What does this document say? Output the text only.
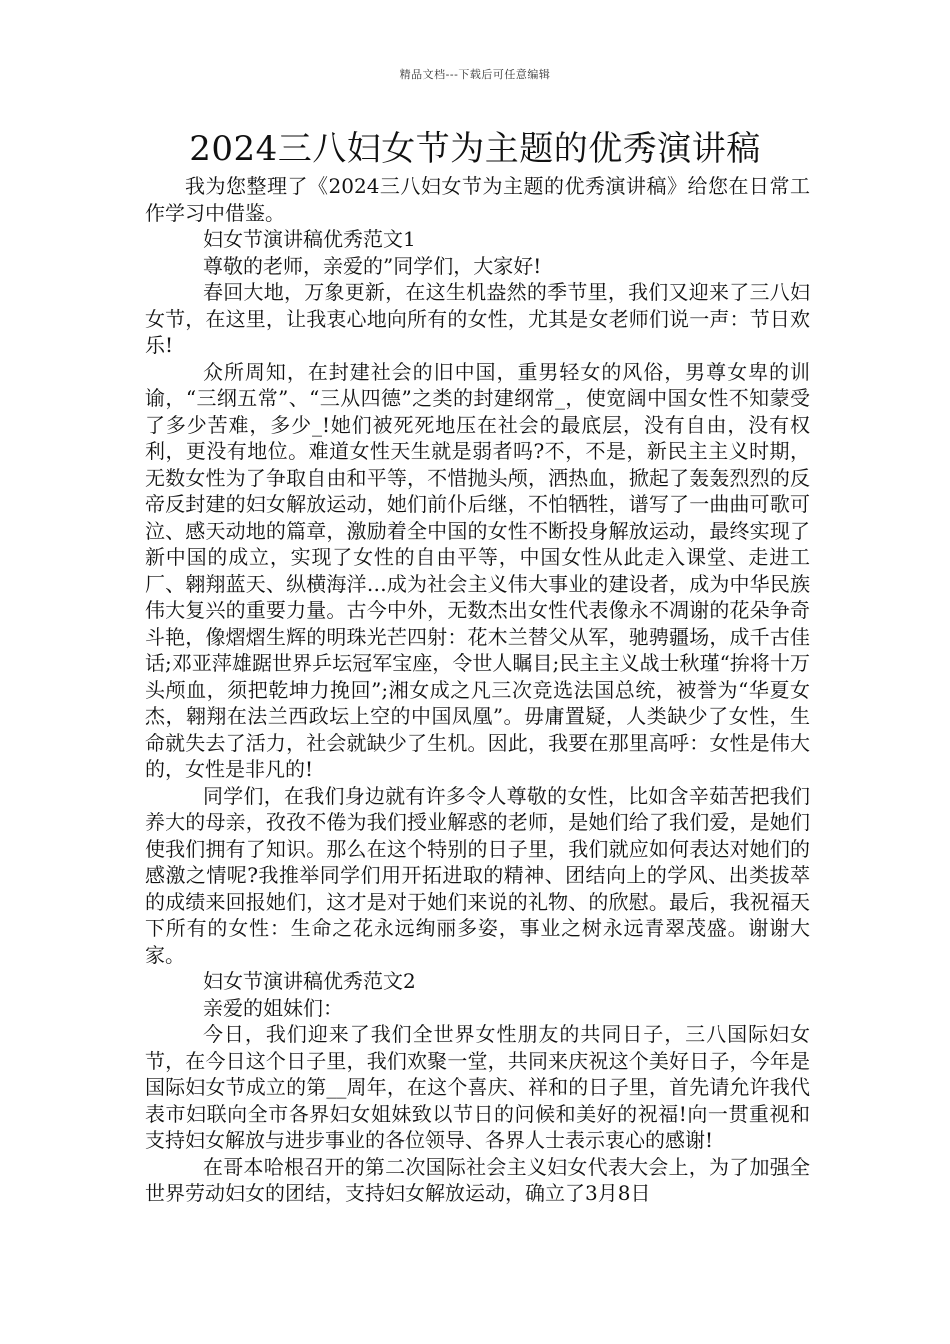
精品文档---下载后可任意编辑
2024三八妇女节为主题的优秀演讲稿

我为您整理了《2024三八妇女节为主题的优秀演讲稿》给您在日常工作学习中借鉴。

妇女节演讲稿优秀范文1

尊敬的老师，亲爱的”同学们，大家好!

春回大地，万象更新，在这生机盎然的季节里，我们又迎来了三八妇女节，在这里，让我衷心地向所有的女性，尤其是女老师们说一声：节日欢乐!

众所周知，在封建社会的旧中国，重男轻女的风俗，男尊女卑的训谕，“三纲五常”、“三从四德”之类的封建纲常_，使宽阔中国女性不知蒙受了多少苦难，多少_!她们被死死地压在社会的最底层，没有自由，没有权利，更没有地位。难道女性天生就是弱者吗?不，不是，新民主主义时期，无数女性为了争取自由和平等，不惜抛头颅，洒热血，掀起了轰轰烈烈的反帝反封建的妇女解放运动，她们前仆后继，不怕牺牲，谱写了一曲曲可歌可泣、感天动地的篇章，激励着全中国的女性不断投身解放运动，最终实现了新中国的成立，实现了女性的自由平等，中国女性从此走入课堂、走进工厂、翱翔蓝天、纵横海洋…成为社会主义伟大事业的建设者，成为中华民族伟大复兴的重要力量。古今中外，无数杰出女性代表像永不凋谢的花朵争奇斗艳，像熠熠生辉的明珠光芒四射：花木兰替父从军，驰骋疆场，成千古佳话;邓亚萍雄踞世界乒坛冠军宝座，令世人瞩目;民主主义战士秋瑾“拚将十万头颅血，须把乾坤力挽回”;湘女成之凡三次竞选法国总统，被誉为“华夏女杰，翱翔在法兰西政坛上空的中国凤凰”。毋庸置疑，人类缺少了女性，生命就失去了活力，社会就缺少了生机。因此，我要在那里高呼：女性是伟大的，女性是非凡的!

同学们，在我们身边就有许多令人尊敬的女性，比如含辛茹苦把我们养大的母亲，孜孜不倦为我们授业解惑的老师，是她们给了我们爱，是她们使我们拥有了知识。那么在这个特别的日子里，我们就应如何表达对她们的感激之情呢?我推举同学们用开拓进取的精神、团结向上的学风、出类拔萃的成绩来回报她们，这才是对于她们来说的礼物、的欣慰。最后，我祝福天下所有的女性：生命之花永远绚丽多姿，事业之树永远青翠茂盛。谢谢大家。

妇女节演讲稿优秀范文2

亲爱的姐妹们：

今日，我们迎来了我们全世界女性朋友的共同日子，三八国际妇女节，在今日这个日子里，我们欢聚一堂，共同来庆祝这个美好日子，今年是国际妇女节成立的第__周年，在这个喜庆、祥和的日子里，首先请允许我代表市妇联向全市各界妇女姐妹致以节日的问候和美好的祝福!向一贯重视和支持妇女解放与进步事业的各位领导、各界人士表示衷心的感谢!

在哥本哈根召开的第二次国际社会主义妇女代表大会上，为了加强全世界劳动妇女的团结，支持妇女解放运动，确立了3月8日
